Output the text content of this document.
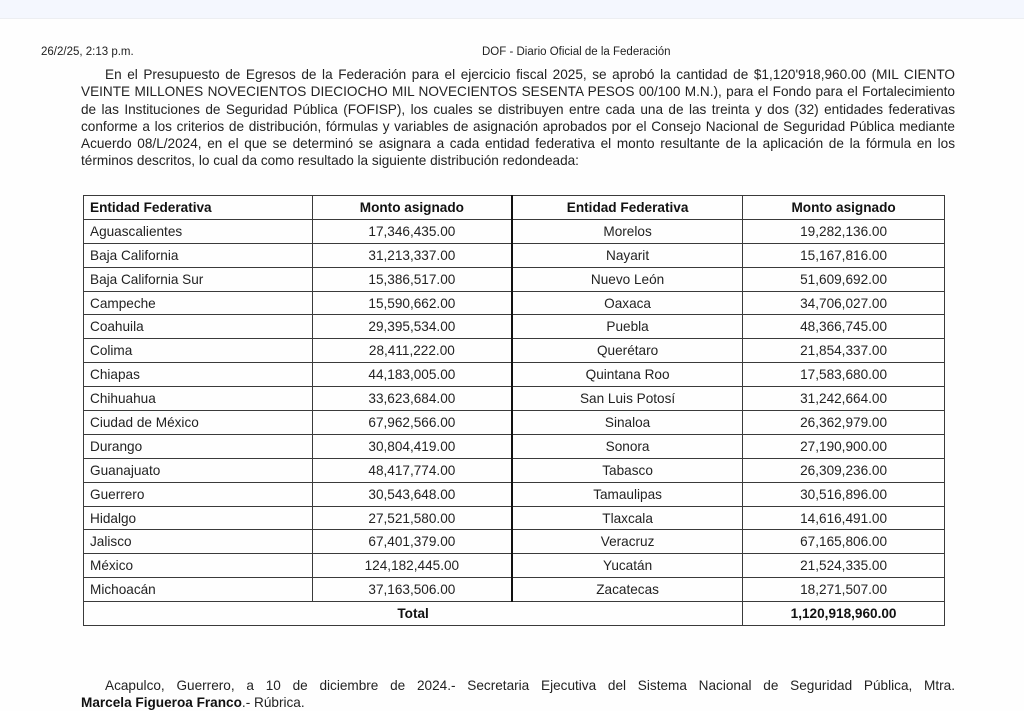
26/2/25, 2:13 p.m.	DOF - Diario Oficial de la Federación
En el Presupuesto de Egresos de la Federación para el ejercicio fiscal 2025, se aprobó la cantidad de $1,120'918,960.00 (MIL CIENTO VEINTE MILLONES NOVECIENTOS DIECIOCHO MIL NOVECIENTOS SESENTA PESOS 00/100 M.N.), para el Fondo para el Fortalecimiento de las Instituciones de Seguridad Pública (FOFISP), los cuales se distribuyen entre cada una de las treinta y dos (32) entidades federativas conforme a los criterios de distribución, fórmulas y variables de asignación aprobados por el Consejo Nacional de Seguridad Pública mediante Acuerdo 08/L/2024, en el que se determinó se asignara a cada entidad federativa el monto resultante de la aplicación de la fórmula en los términos descritos, lo cual da como resultado la siguiente distribución redondeada:
Entidad Federativa	Monto asignado	Entidad Federativa	Monto asignado
Aguascalientes	17,346,435.00	Morelos	19,282,136.00
Baja California	31,213,337.00	Nayarit	15,167,816.00
Baja California Sur	15,386,517.00	Nuevo León	51,609,692.00
Campeche	15,590,662.00	Oaxaca	34,706,027.00
Coahuila	29,395,534.00	Puebla	48,366,745.00
Colima	28,411,222.00	Querétaro	21,854,337.00
Chiapas	44,183,005.00	Quintana Roo	17,583,680.00
Chihuahua	33,623,684.00	San Luis Potosí	31,242,664.00
Ciudad de México	67,962,566.00	Sinaloa	26,362,979.00
Durango	30,804,419.00	Sonora	27,190,900.00
Guanajuato	48,417,774.00	Tabasco	26,309,236.00
Guerrero	30,543,648.00	Tamaulipas	30,516,896.00
Hidalgo	27,521,580.00	Tlaxcala	14,616,491.00
Jalisco	67,401,379.00	Veracruz	67,165,806.00
México	124,182,445.00	Yucatán	21,524,335.00
Michoacán	37,163,506.00	Zacatecas	18,271,507.00
Total			1,120,918,960.00
Acapulco, Guerrero, a 10 de diciembre de 2024.- Secretaria Ejecutiva del Sistema Nacional de Seguridad Pública, Mtra.
Marcela Figueroa Franco.- Rúbrica.
